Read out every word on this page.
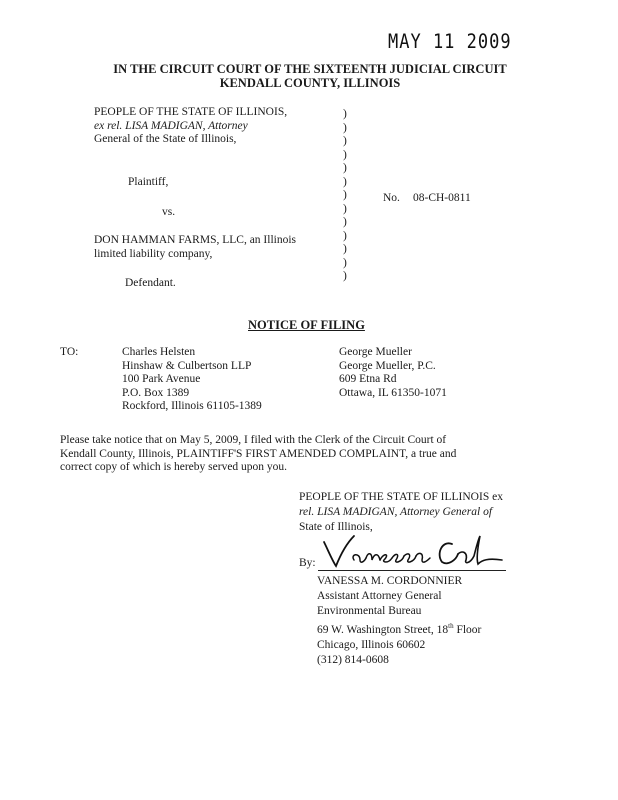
MAY 11 2009
IN THE CIRCUIT COURT OF THE SIXTEENTH JUDICIAL CIRCUIT
KENDALL COUNTY, ILLINOIS
PEOPLE OF THE STATE OF ILLINOIS,
ex rel. LISA MADIGAN, Attorney
General of the State of Illinois,
Plaintiff,
vs.
DON HAMMAN FARMS, LLC, an Illinois
limited liability company,
Defendant.
)
)
)
)
)
)
)
)
)
)
)
)
)
No. 08-CH-0811
NOTICE OF FILING
TO:	Charles Helsten
Hinshaw & Culbertson LLP
100 Park Avenue
P.O. Box 1389
Rockford, Illinois 61105-1389
George Mueller
George Mueller, P.C.
609 Etna Rd
Ottawa, IL 61350-1071
Please take notice that on May 5, 2009, I filed with the Clerk of the Circuit Court of
Kendall County, Illinois, PLAINTIFF'S FIRST AMENDED COMPLAINT, a true and
correct copy of which is hereby served upon you.
PEOPLE OF THE STATE OF ILLINOIS ex
rel. LISA MADIGAN, Attorney General of
State of Illinois,
By:
VANESSA M. CORDONNIER
Assistant Attorney General
Environmental Bureau
69 W. Washington Street, 18th Floor
Chicago, Illinois 60602
(312) 814-0608
